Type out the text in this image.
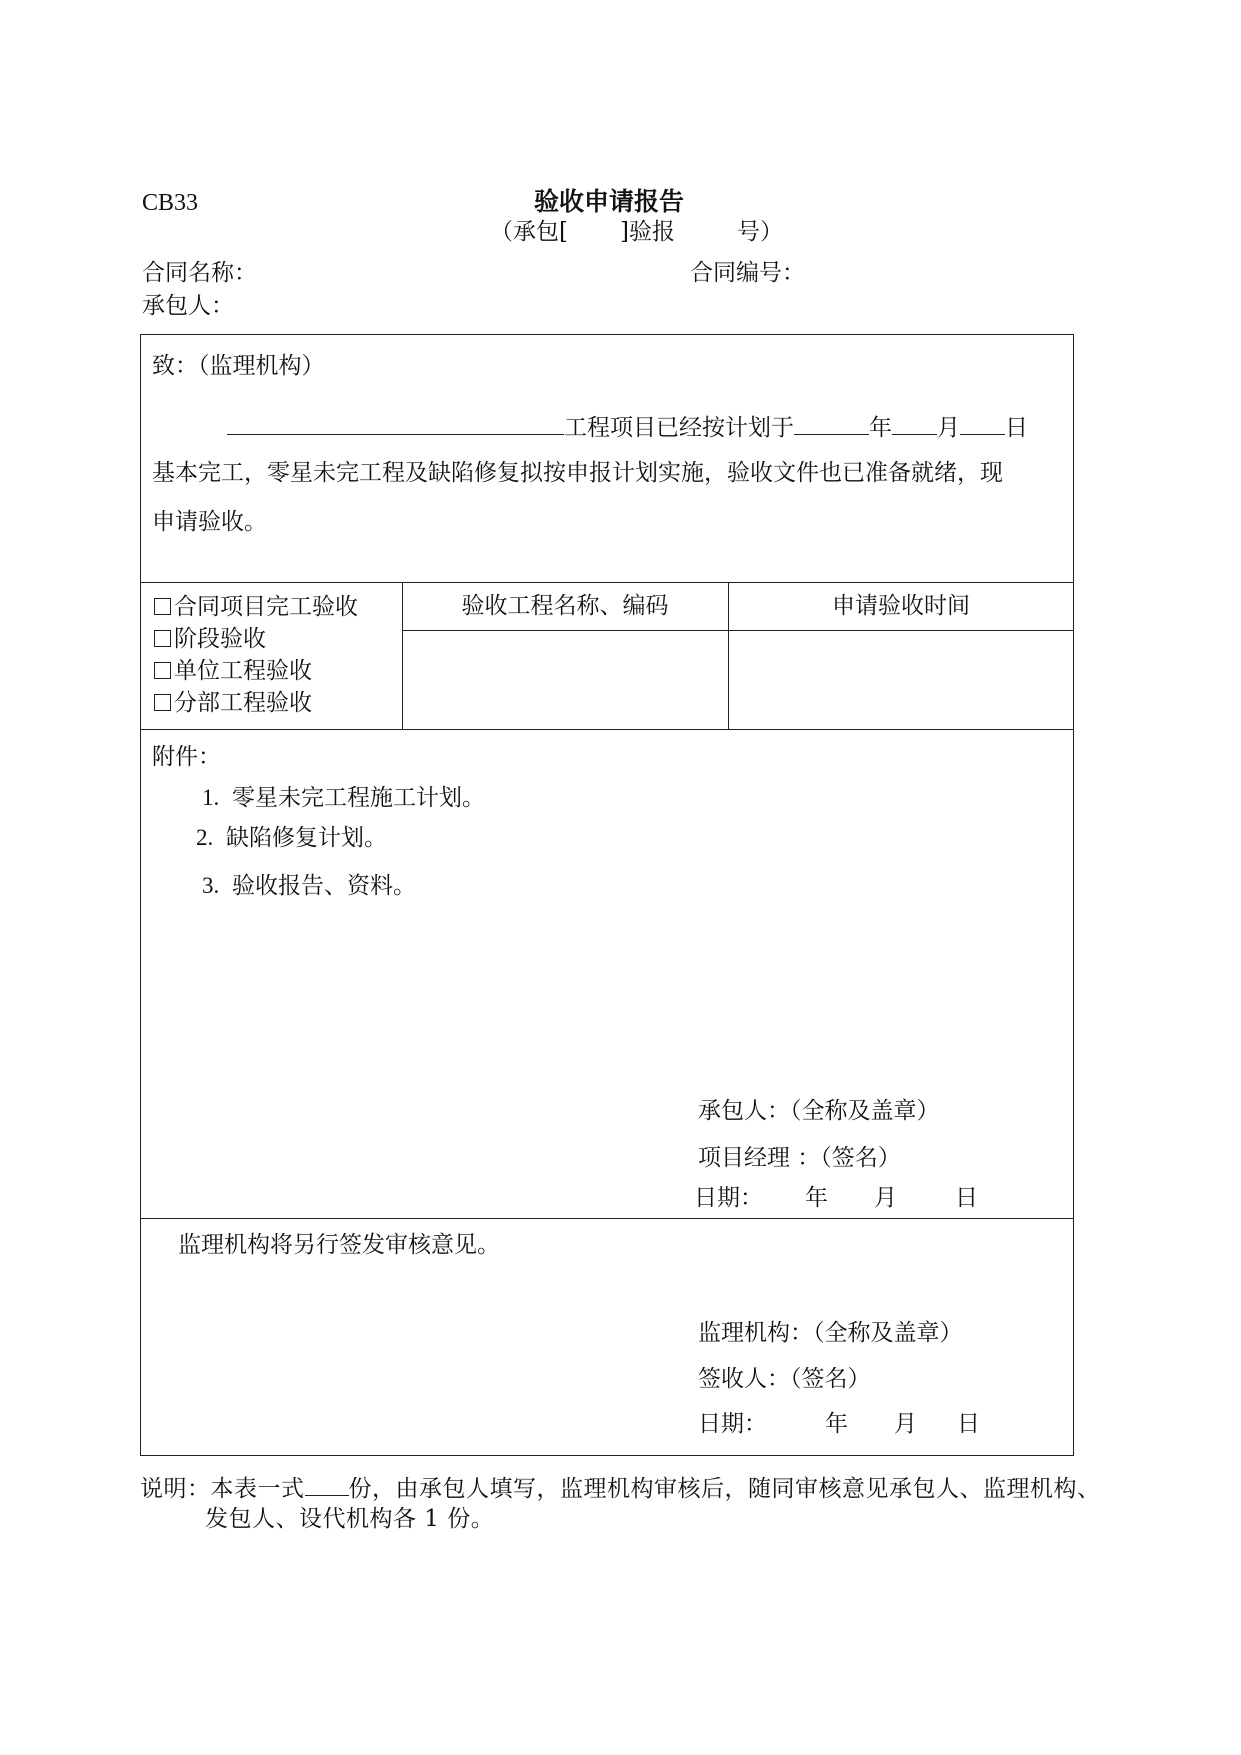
CB33	验收申请报告
（承包[ ]验报	号）
合同名称：	合同编号：
承包人：
致：（监理机构）
工程项目已经按计划于	年 月 日
基本完工，零星未完工程及缺陷修复拟按申报计划实施，验收文件也已准备就绪，现
申请验收。
合同项目完工验收
阶段验收
单位工程验收
分部工程验收
验收工程名称、编码	申请验收时间
附件：
1. 零星未完工程施工计划。
2. 缺陷修复计划。
3. 验收报告、资料。
承包人：（全称及盖章）
项目经理 ：（签名）
日期： 年 月	日
监理机构将另行签发审核意见。
监理机构：（全称及盖章）
签收人：（签名）
日期：	年 月 日
说明：本表一式 份，由承包人填写，监理机构审核后，随同审核意见承包人、监理机构、
发包人、设代机构各 1 份。
